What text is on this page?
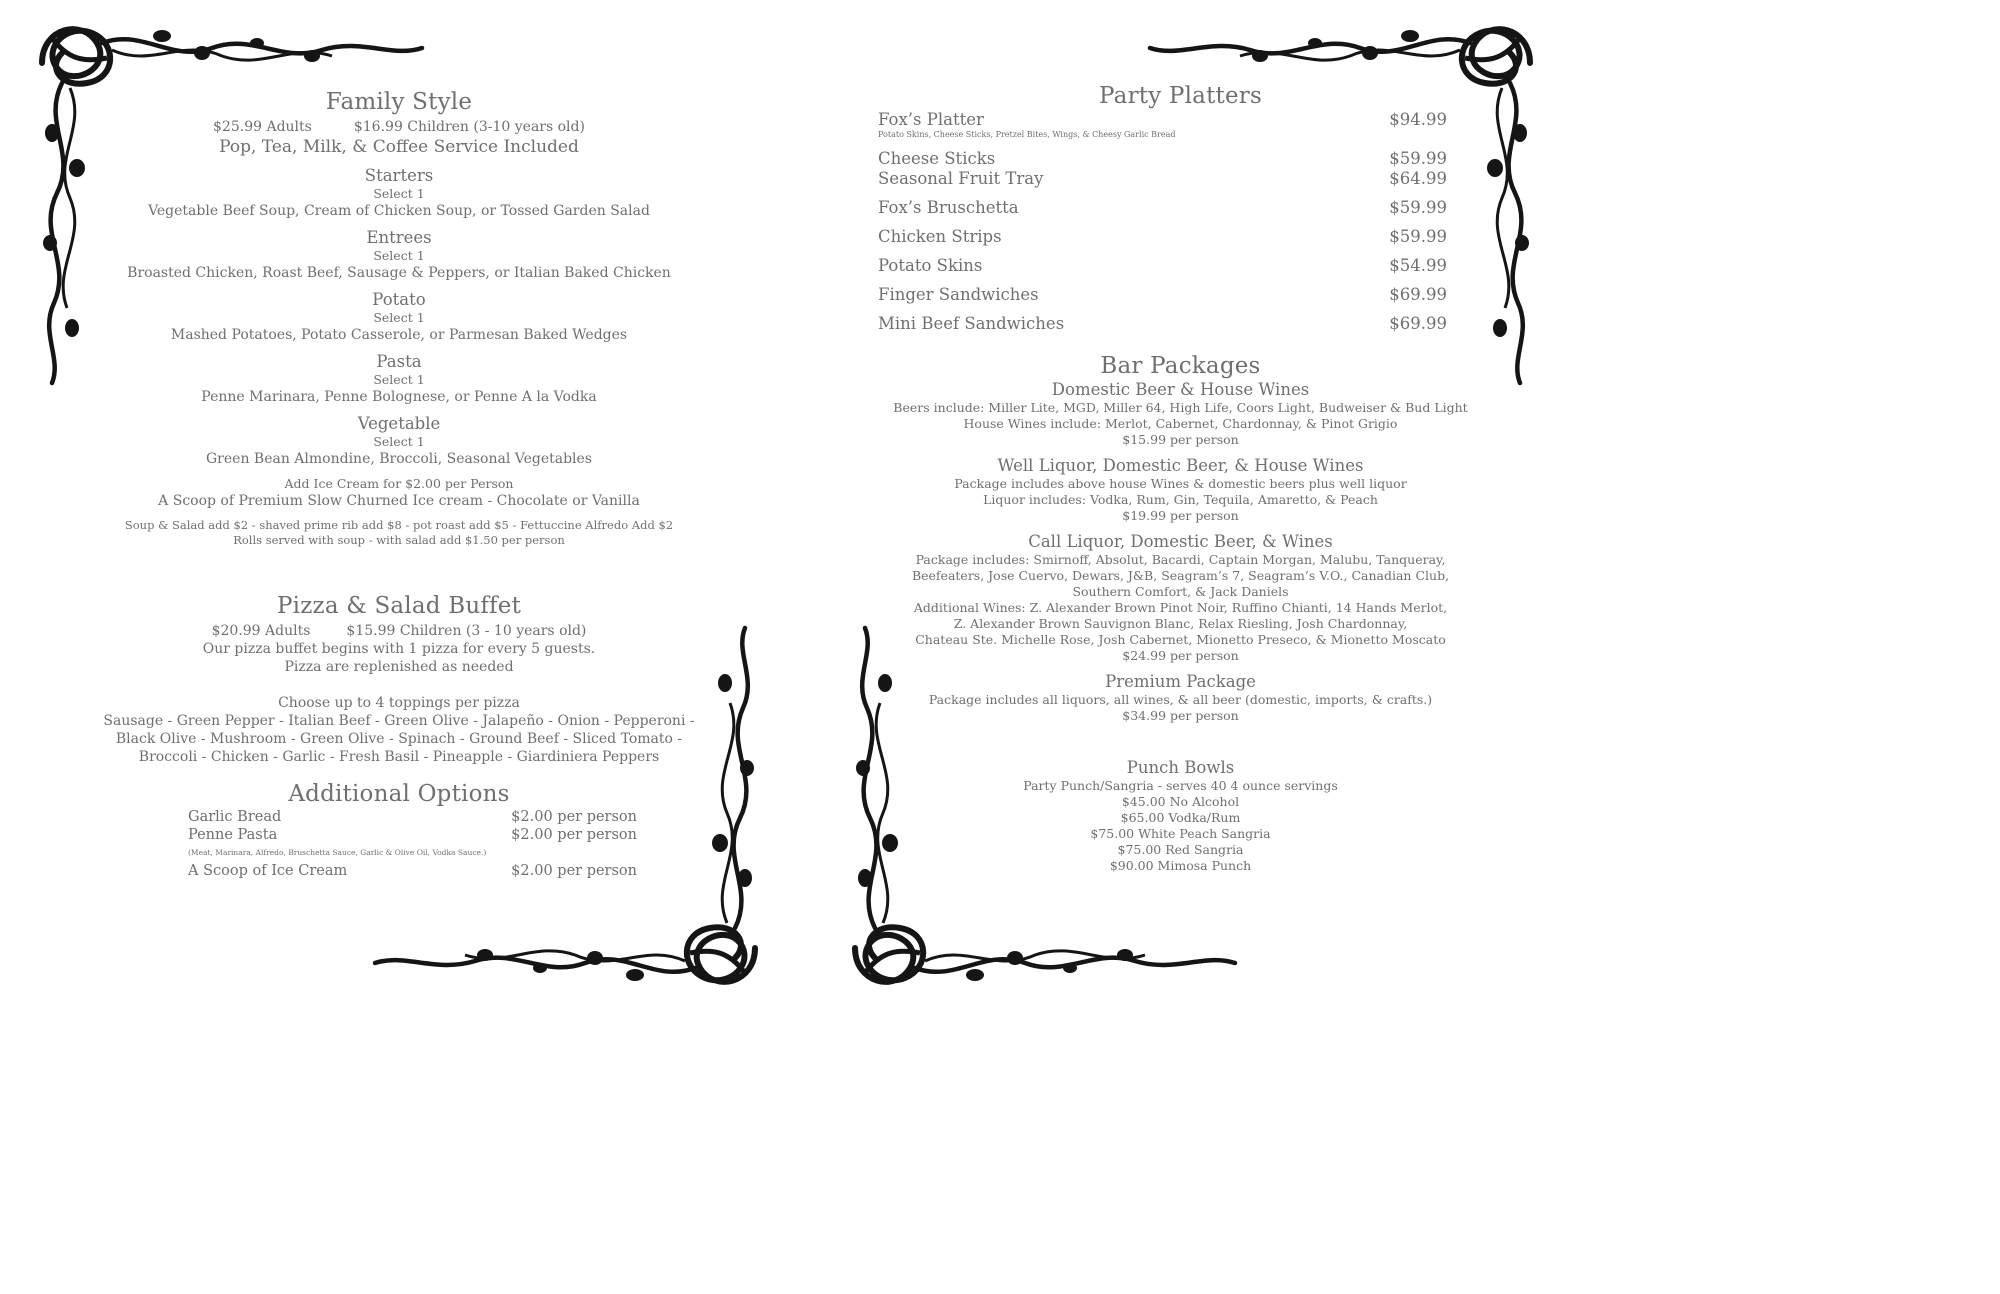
Family Style
$25.99 Adults	$16.99 Children (3-10 years old)
Pop, Tea, Milk, & Coffee Service Included
Starters
Select 1
Vegetable Beef Soup, Cream of Chicken Soup, or Tossed Garden Salad
Entrees
Select 1
Broasted Chicken, Roast Beef, Sausage & Peppers, or Italian Baked Chicken
Potato
Select 1
Mashed Potatoes, Potato Casserole, or Parmesan Baked Wedges
Pasta
Select 1
Penne Marinara, Penne Bolognese, or Penne A la Vodka
Vegetable
Select 1
Green Bean Almondine, Broccoli, Seasonal Vegetables
Add Ice Cream for $2.00 per Person
A Scoop of Premium Slow Churned Ice cream - Chocolate or Vanilla
Soup & Salad add $2 - shaved prime rib add $8 - pot roast add $5 - Fettuccine Alfredo Add $2
Rolls served with soup - with salad add $1.50 per person
Pizza & Salad Buffet
$20.99 Adults	$15.99 Children (3 - 10 years old)
Our pizza buffet begins with 1 pizza for every 5 guests.
Pizza are replenished as needed
Choose up to 4 toppings per pizza
Sausage - Green Pepper - Italian Beef - Green Olive - Jalapeño - Onion - Pepperoni -
Black Olive - Mushroom - Green Olive - Spinach - Ground Beef - Sliced Tomato -
Broccoli - Chicken - Garlic - Fresh Basil - Pineapple - Giardiniera Peppers
Additional Options
Garlic Bread	$2.00 per person
Penne Pasta	$2.00 per person
(Meat, Marinara, Alfredo, Bruschetta Sauce, Garlic & Olive Oil, Vodka Sauce.)
A Scoop of Ice Cream	$2.00 per person
Party Platters
Fox’s Platter	$94.99
Potato Skins, Cheese Sticks, Pretzel Bites, Wings, & Cheesy Garlic Bread
Cheese Sticks	$59.99
Seasonal Fruit Tray	$64.99
Fox’s Bruschetta	$59.99
Chicken Strips	$59.99
Potato Skins	$54.99
Finger Sandwiches	$69.99
Mini Beef Sandwiches	$69.99
Bar Packages
Domestic Beer & House Wines
Beers include: Miller Lite, MGD, Miller 64, High Life, Coors Light, Budweiser & Bud Light
House Wines include: Merlot, Cabernet, Chardonnay, & Pinot Grigio
$15.99 per person
Well Liquor, Domestic Beer, & House Wines
Package includes above house Wines & domestic beers plus well liquor
Liquor includes: Vodka, Rum, Gin, Tequila, Amaretto, & Peach
$19.99 per person
Call Liquor, Domestic Beer, & Wines
Package includes: Smirnoff, Absolut, Bacardi, Captain Morgan, Malubu, Tanqueray,
Beefeaters, Jose Cuervo, Dewars, J&B, Seagram’s 7, Seagram’s V.O., Canadian Club,
Southern Comfort, & Jack Daniels
Additional Wines: Z. Alexander Brown Pinot Noir, Ruffino Chianti, 14 Hands Merlot,
Z. Alexander Brown Sauvignon Blanc, Relax Riesling, Josh Chardonnay,
Chateau Ste. Michelle Rose, Josh Cabernet, Mionetto Preseco, & Mionetto Moscato
$24.99 per person
Premium Package
Package includes all liquors, all wines, & all beer (domestic, imports, & crafts.)
$34.99 per person
Punch Bowls
Party Punch/Sangria - serves 40 4 ounce servings
$45.00 No Alcohol
$65.00 Vodka/Rum
$75.00 White Peach Sangria
$75.00 Red Sangria
$90.00 Mimosa Punch
